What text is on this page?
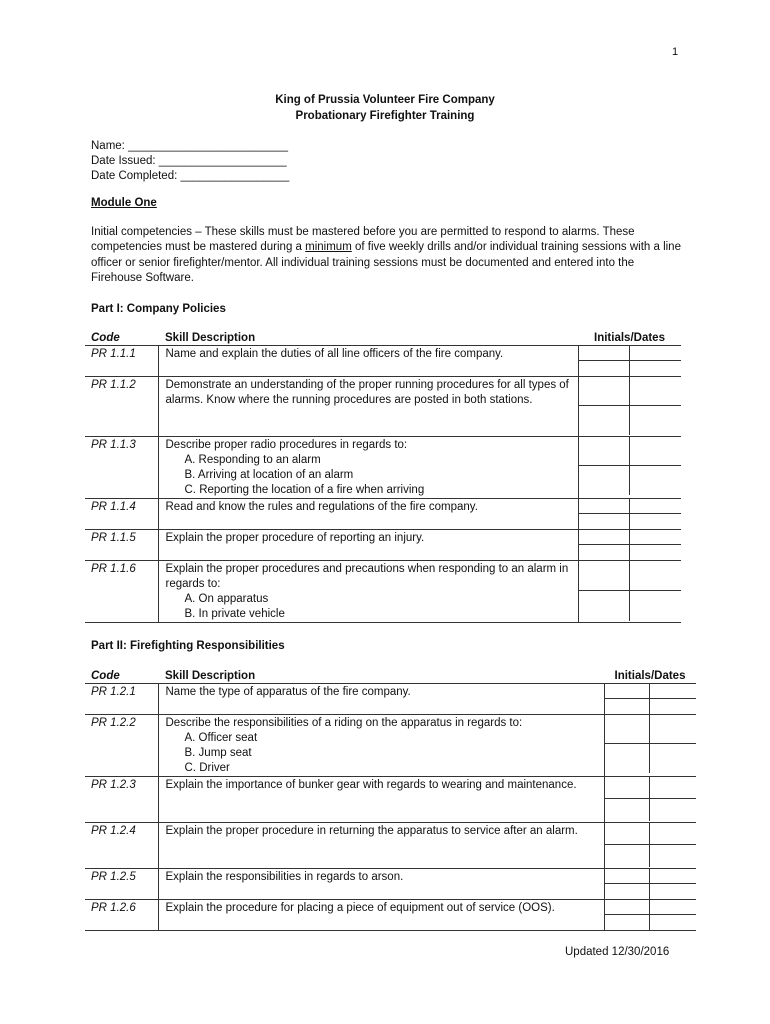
1
King of Prussia Volunteer Fire Company
Probationary Firefighter Training
Name: _________________________
Date Issued: ____________________
Date Completed: _________________
Module One
Initial competencies – These skills must be mastered before you are permitted to respond to alarms. These competencies must be mastered during a minimum of five weekly drills and/or individual training sessions with a line officer or senior firefighter/mentor. All individual training sessions must be documented and entered into the Firehouse Software.
Part I: Company Policies
Code	Skill Description	Initials/Dates
PR 1.1.1	Name and explain the duties of all line officers of the fire company.	

PR 1.1.2	Demonstrate an understanding of the proper running procedures for all types of alarms. Know where the running procedures are posted in both stations.	

PR 1.1.3	Describe proper radio procedures in regards to:
A. Responding to an alarm
B. Arriving at location of an alarm
C. Reporting the location of a fire when arriving	

PR 1.1.4	Read and know the rules and regulations of the fire company.	

PR 1.1.5	Explain the proper procedure of reporting an injury.	

PR 1.1.6	Explain the proper procedures and precautions when responding to an alarm in regards to:
A. On apparatus
B. In private vehicle	

Part II: Firefighting Responsibilities
Code	Skill Description	Initials/Dates
PR 1.2.1	Name the type of apparatus of the fire company.	

PR 1.2.2	Describe the responsibilities of a riding on the apparatus in regards to:
A. Officer seat
B. Jump seat
C. Driver	

PR 1.2.3	Explain the importance of bunker gear with regards to wearing and maintenance.	

PR 1.2.4	Explain the proper procedure in returning the apparatus to service after an alarm.	

PR 1.2.5	Explain the responsibilities in regards to arson.	

PR 1.2.6	Explain the procedure for placing a piece of equipment out of service (OOS).	

Updated 12/30/2016
